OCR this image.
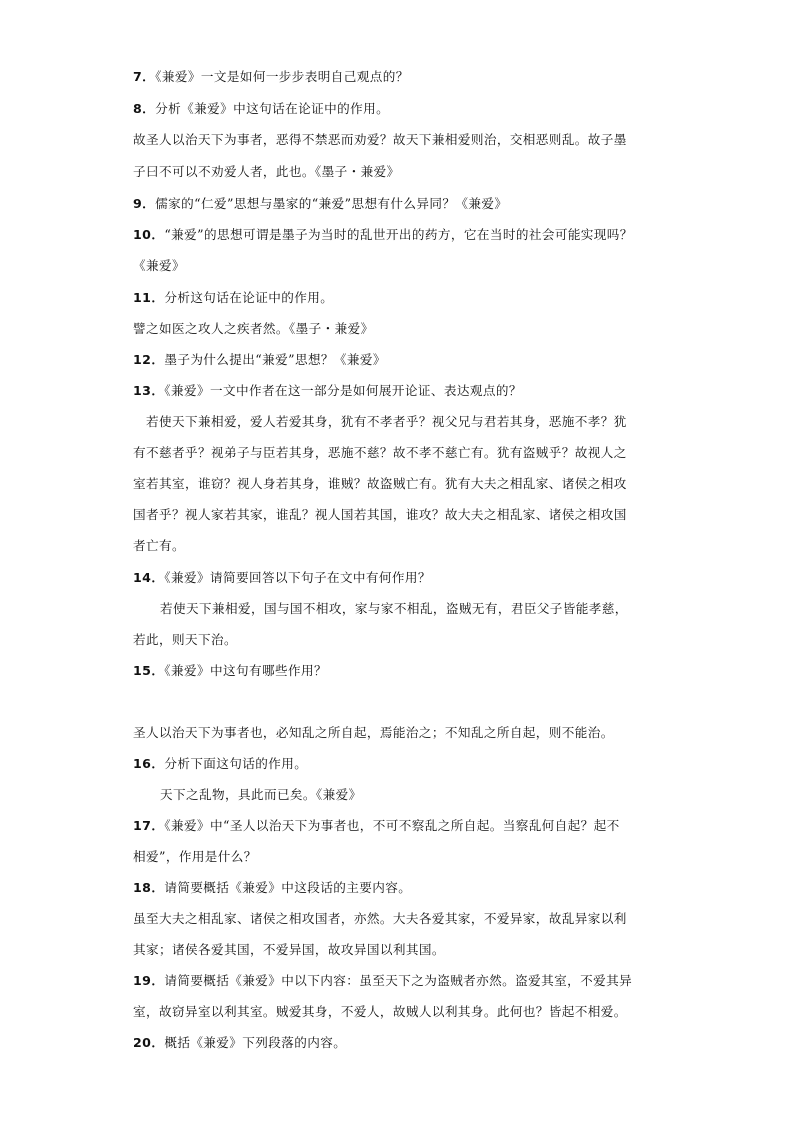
7．《兼爱》一文是如何一步步表明自己观点的？
8．分析《兼爱》中这句话在论证中的作用。
故圣人以治天下为事者，恶得不禁恶而劝爱？故天下兼相爱则治，交相恶则乱。故子墨
子曰不可以不劝爱人者，此也。《墨子・兼爱》
9．儒家的“仁爱”思想与墨家的“兼爱”思想有什么异同？《兼爱》
10．“兼爱”的思想可谓是墨子为当时的乱世开出的药方，它在当时的社会可能实现吗？
《兼爱》
11．分析这句话在论证中的作用。
譬之如医之攻人之疾者然。《墨子・兼爱》
12．墨子为什么提出“兼爱”思想？《兼爱》
13．《兼爱》一文中作者在这一部分是如何展开论证、表达观点的？
若使天下兼相爱，爱人若爱其身，犹有不孝者乎？视父兄与君若其身，恶施不孝？犹
有不慈者乎？视弟子与臣若其身，恶施不慈？故不孝不慈亡有。犹有盗贼乎？故视人之
室若其室，谁窃？视人身若其身，谁贼？故盗贼亡有。犹有大夫之相乱家、诸侯之相攻
国者乎？视人家若其家，谁乱？视人国若其国，谁攻？故大夫之相乱家、诸侯之相攻国
者亡有。
14．《兼爱》请简要回答以下句子在文中有何作用？
若使天下兼相爱，国与国不相攻，家与家不相乱，盗贼无有，君臣父子皆能孝慈，
若此，则天下治。
15．《兼爱》中这句有哪些作用？
圣人以治天下为事者也，必知乱之所自起，焉能治之；不知乱之所自起，则不能治。
16．分析下面这句话的作用。
天下之乱物，具此而已矣。《兼爱》
17．《兼爱》中“圣人以治天下为事者也，不可不察乱之所自起。当察乱何自起？起不
相爱”，作用是什么？
18．请简要概括《兼爱》中这段话的主要内容。
虽至大夫之相乱家、诸侯之相攻国者，亦然。大夫各爱其家，不爱异家，故乱异家以利
其家；诸侯各爱其国，不爱异国，故攻异国以利其国。
19．请简要概括《兼爱》中以下内容：虽至天下之为盗贼者亦然。盗爱其室，不爱其异
室，故窃异室以利其室。贼爱其身，不爱人，故贼人以利其身。此何也？皆起不相爱。
20．概括《兼爱》下列段落的内容。
